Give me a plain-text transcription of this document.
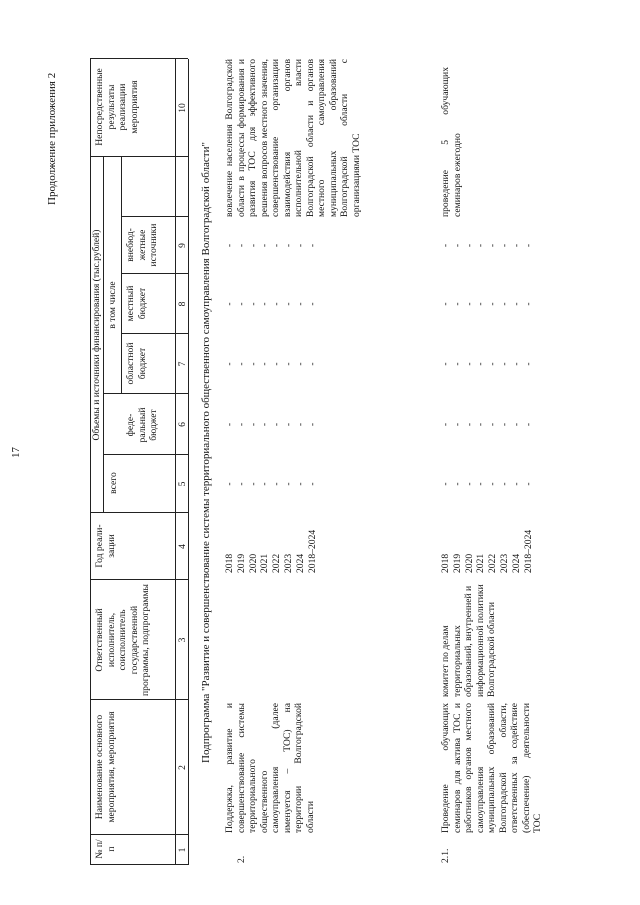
17
Продолжение приложения 2
№ п/п
Наименование основного мероприятия, мероприятия
Ответственный исполнитель, соисполнитель государственной программы, подпрограммы
Год реали-зации
Объемы и источники финансирования (тыс.рублей)
всего
в том числе
феде-ральный бюджет
областной бюджет
местный бюджет
внебюд-жетные источники
Непосредственные результаты реализации мероприятия
1
2
3
4
5
6
7
8
9
10
Подпрограмма "Развитие и совершенствование системы территориального общественного самоуправления Волгоградской области"
2.
Поддержка, развитие и совершенствование системы территориального общественного самоуправления (далее именуется – ТОС) на территории Волгоградской области
2018 2019 2020 2021 2022 2023 2024 2018–2024
- - - - - - - -
- - - - - - - -
- - - - - - - -
- - - - - - - -
- - - - - - - -
вовлечение населения Волгоградской области в процессы формирования и развития ТОС для эффективного решения вопросов местного значения, совершенствование организации взаимодействия органов исполнительной власти Волгоградской области и органов местного самоуправления муниципальных образований Волгоградской области с организациями ТОС
2.1.
Проведение обучающих семинаров для актива ТОС и работников органов местного самоуправления муниципальных образований Волгоградской области, ответственных за содействие (обеспечение) деятельности ТОС
комитет по делам территориальных образований, внутренней и информационной политики Волгоградской области
2018 2019 2020 2021 2022 2023 2024 2018–2024
- - - - - - - -
- - - - - - - -
- - - - - - - -
- - - - - - - -
- - - - - - - -
проведение 5 обучающих семинаров ежегодно
